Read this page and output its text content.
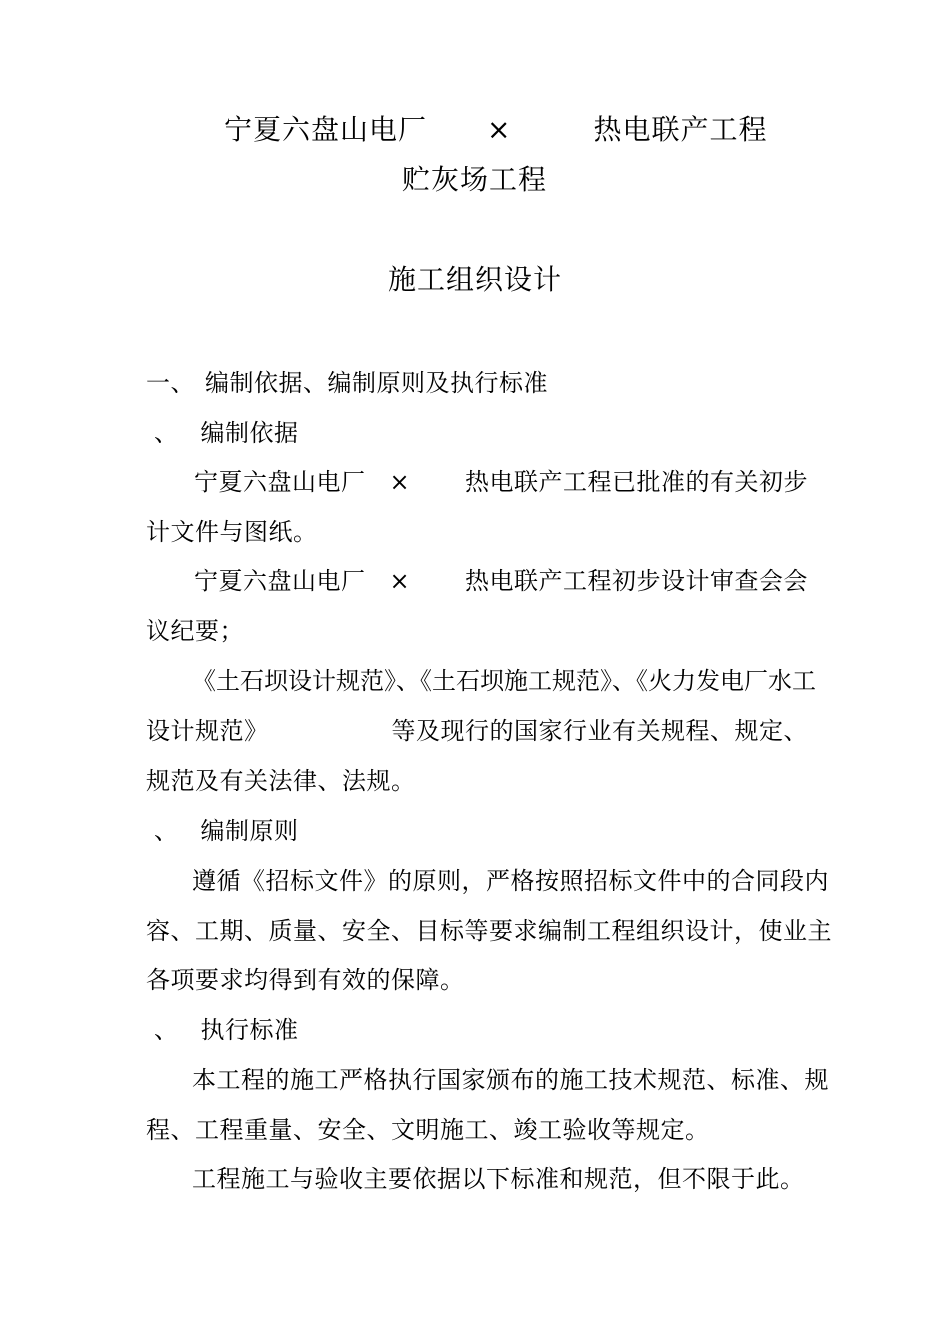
宁夏六盘山电厂 ×	热电联产工程
贮灰场工程
施工组织设计
一、 编制依据、编制原则及执行标准
、 编制依据
宁夏六盘山电厂 × 热电联产工程已批准的有关初步
计文件与图纸。
宁夏六盘山电厂 × 热电联产工程初步设计审查会会
议纪要；
《土石坝设计规范》、《土石坝施工规范》、《火力发电厂水工
设计规范》	等及现行的国家行业有关规程、规定、
规范及有关法律、法规。
、 编制原则
遵循《招标文件》的原则，严格按照招标文件中的合同段内
容、工期、质量、安全、目标等要求编制工程组织设计，使业主
各项要求均得到有效的保障。
、 执行标准
本工程的施工严格执行国家颁布的施工技术规范、标准、规
程、工程重量、安全、文明施工、竣工验收等规定。
工程施工与验收主要依据以下标准和规范，但不限于此。
